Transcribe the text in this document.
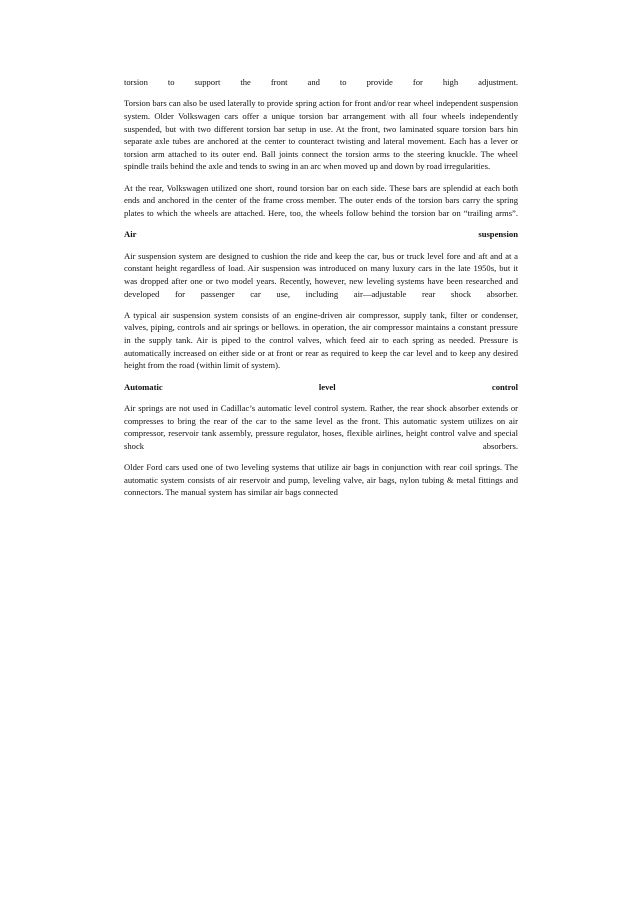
torsion to support the front and to provide for high adjustment.

Torsion bars can also be used laterally to provide spring action for front and/or rear wheel independent suspension system. Older Volkswagen cars offer a unique torsion bar arrangement with all four wheels independently suspended, but with two different torsion bar setup in use. At the front, two laminated square torsion bars hin separate axle tubes are anchored at the center to counteract twisting and lateral movement. Each has a lever or torsion arm attached to its outer end. Ball joints connect the torsion arms to the steering knuckle. The wheel spindle trails behind the axle and tends to swing in an arc when moved up and down by road irregularities.

At the rear, Volkswagen utilized one short, round torsion bar on each side. These bars are splendid at each both ends and anchored in the center of the frame cross member. The outer ends of the torsion bars carry the spring plates to which the wheels are attached. Here, too, the wheels follow behind the torsion bar on “trailing arms”.

Air	suspension

Air suspension system are designed to cushion the ride and keep the car, bus or truck level fore and aft and at a constant height regardless of load. Air suspension was introduced on many luxury cars in the late 1950s, but it was dropped after one or two model years. Recently, however, new leveling systems have been researched and developed for passenger car use, including air—adjustable rear shock absorber.

A typical air suspension system consists of an engine-driven air compressor, supply tank, filter or condenser, valves, piping, controls and air springs or bellows. in operation, the air compressor maintains a constant pressure in the supply tank. Air is piped to the control valves, which feed air to each spring as needed. Pressure is automatically increased on either side or at front or rear as required to keep the car level and to keep any desired height from the road (within limit of system).

Automatic	level	control

Air springs are not used in Cadillac’s automatic level control system. Rather, the rear shock absorber extends or compresses to bring the rear of the car to the same level as the front. This automatic system utilizes on air compressor, reservoir tank assembly, pressure regulator, hoses, flexible airlines, height control valve and special shock absorbers.

Older Ford cars used one of two leveling systems that utilize air bags in conjunction with rear coil springs. The automatic system consists of air reservoir and pump, leveling valve, air bags, nylon tubing & metal fittings and connectors. The manual system has similar air bags connected
